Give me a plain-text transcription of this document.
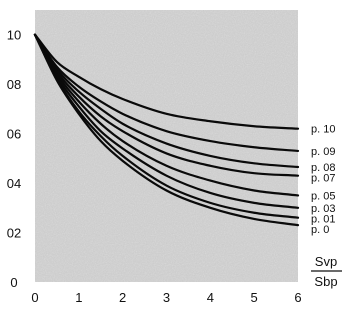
0
02
04
06
08
10
0	1	2	3	4	5	6
p. 10
p. 09
p. 08
p. 07
p. 05
p. 03
p. 01
p. 0
Svp
Sbp
